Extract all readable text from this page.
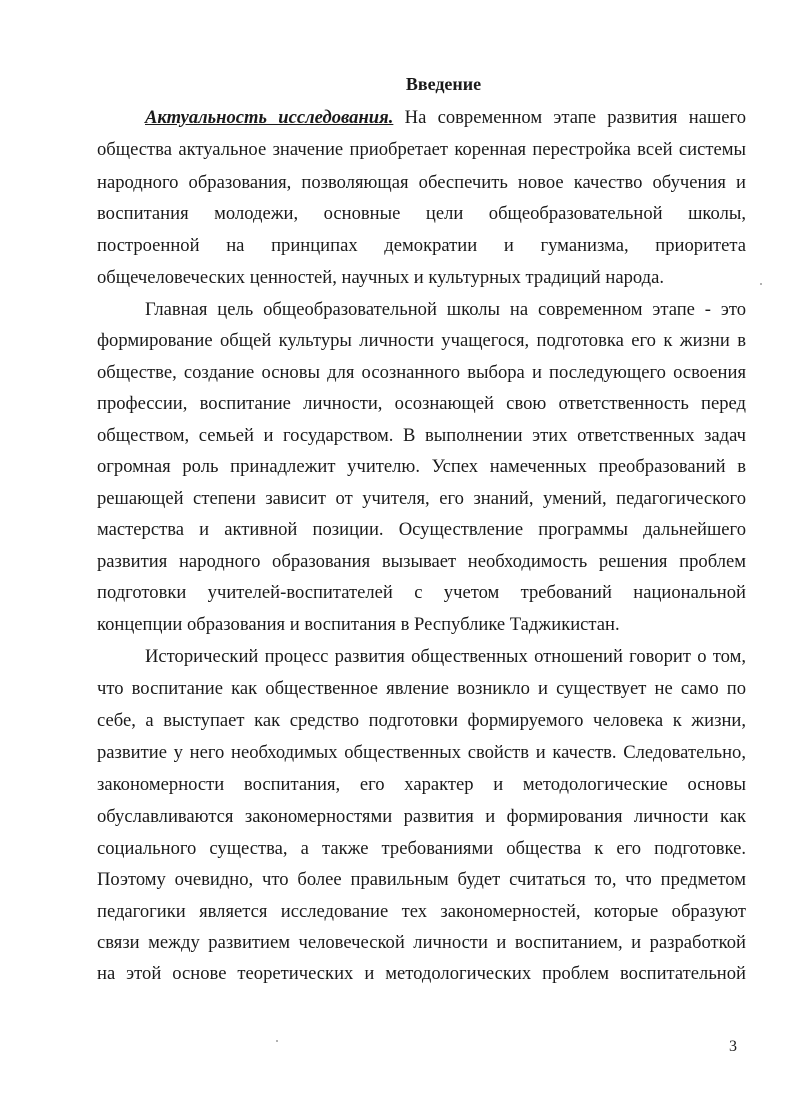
Введение
Актуальность исследования. На современном этапе развития нашего
общества актуальное значение приобретает коренная перестройка всей системы
народного образования, позволяющая обеспечить новое качество обучения и
воспитания молодежи, основные цели общеобразовательной школы,
построенной на принципах демократии и гуманизма, приоритета
общечеловеческих ценностей, научных и культурных традиций народа.
Главная цель общеобразовательной школы на современном этапе - это
формирование общей культуры личности учащегося, подготовка его к жизни в
обществе, создание основы для осознанного выбора и последующего освоения
профессии, воспитание личности, осознающей свою ответственность перед
обществом, семьей и государством. В выполнении этих ответственных задач
огромная роль принадлежит учителю. Успех намеченных преобразований в
решающей степени зависит от учителя, его знаний, умений, педагогического
мастерства и активной позиции. Осуществление программы дальнейшего
развития народного образования вызывает необходимость решения проблем
подготовки учителей-воспитателей с учетом требований национальной
концепции образования и воспитания в Республике Таджикистан.
Исторический процесс развития общественных отношений говорит о том,
что воспитание как общественное явление возникло и существует не само по
себе, а выступает как средство подготовки формируемого человека к жизни,
развитие у него необходимых общественных свойств и качеств. Следовательно,
закономерности воспитания, его характер и методологические основы
обуславливаются закономерностями развития и формирования личности как
социального существа, а также требованиями общества к его подготовке.
Поэтому очевидно, что более правильным будет считаться то, что предметом
педагогики является исследование тех закономерностей, которые образуют
связи между развитием человеческой личности и воспитанием, и разработкой
на этой основе теоретических и методологических проблем воспитательной
3
